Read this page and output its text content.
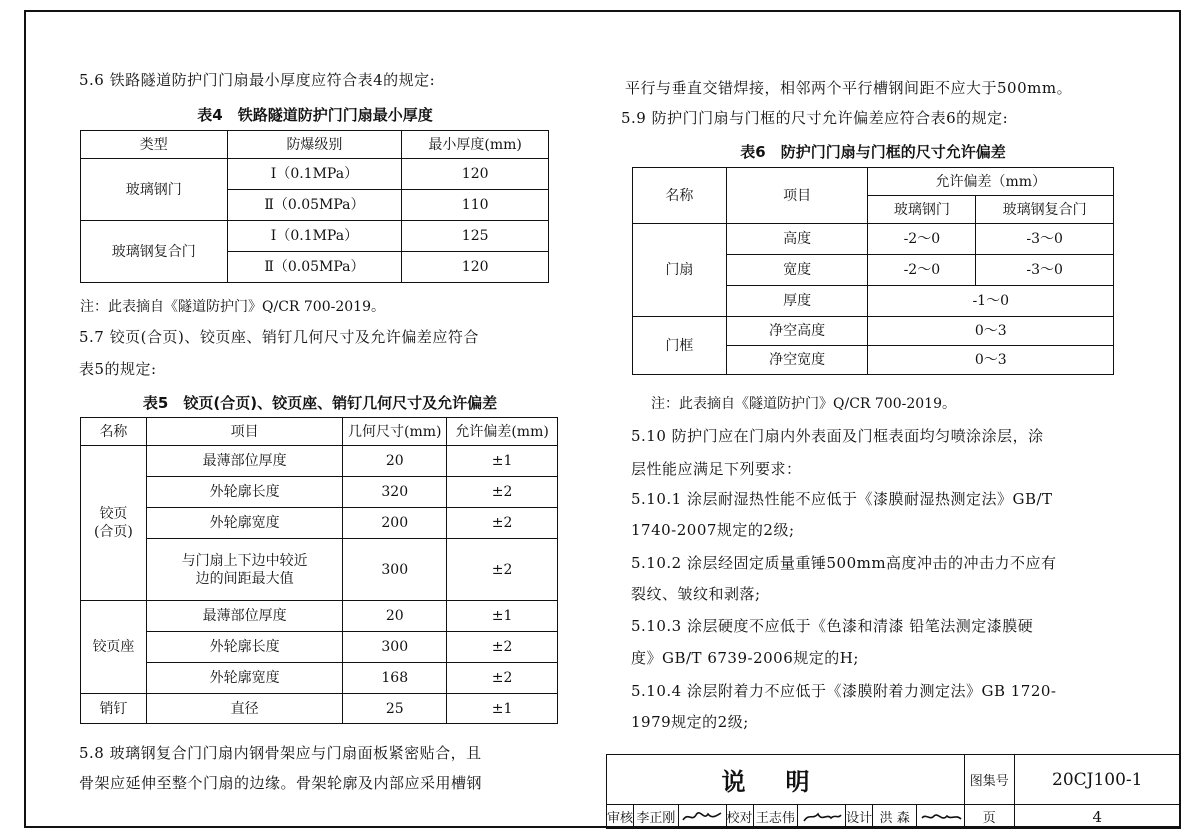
5.6 铁路隧道防护门门扇最小厚度应符合表4的规定:
表4　铁路隧道防护门门扇最小厚度
类型	防爆级别	最小厚度(mm)
玻璃钢门	Ⅰ（0.1MPa）	120
	Ⅱ（0.05MPa）	110
玻璃钢复合门	Ⅰ（0.1MPa）	125
	Ⅱ（0.05MPa）	120
注：此表摘自《隧道防护门》Q/CR 700-2019。
5.7 铰页(合页)、铰页座、销钉几何尺寸及允许偏差应符合
表5的规定:
表5　铰页(合页)、铰页座、销钉几何尺寸及允许偏差
名称	项目	几何尺寸(mm)	允许偏差(mm)

铰页
(合页)	最薄部位厚度	20	±1
	外轮廓长度	320	±2
	外轮廓宽度	200	±2

	与门扇上下边中较近
边的间距最大值	300	±2
铰页座	最薄部位厚度	20	±1
	外轮廓长度	300	±2
	外轮廓宽度	168	±2
销钉	直径	25	±1
5.8 玻璃钢复合门门扇内钢骨架应与门扇面板紧密贴合，且
骨架应延伸至整个门扇的边缘。骨架轮廓及内部应采用槽钢
平行与垂直交错焊接，相邻两个平行槽钢间距不应大于500mm。
5.9 防护门门扇与门框的尺寸允许偏差应符合表6的规定:
表6　防护门门扇与门框的尺寸允许偏差
名称	项目	允许偏差（mm）	
		玻璃钢门	玻璃钢复合门
门扇	高度	-2～0	-3～0
	宽度	-2～0	-3～0
	厚度	-1～0	
门框	净空高度	0～3	
	净空宽度	0～3	
注：此表摘自《隧道防护门》Q/CR 700-2019。
5.10 防护门应在门扇内外表面及门框表面均匀喷涂涂层，涂
层性能应满足下列要求：
5.10.1 涂层耐湿热性能不应低于《漆膜耐湿热测定法》GB/T
1740-2007规定的2级;
5.10.2 涂层经固定质量重锤500mm高度冲击的冲击力不应有
裂纹、皱纹和剥落;
5.10.3 涂层硬度不应低于《色漆和清漆 铅笔法测定漆膜硬
度》GB/T 6739-2006规定的H;
5.10.4 涂层附着力不应低于《漆膜附着力测定法》GB 1720-
1979规定的2级;
说明									图集号	20CJ100-1
审核	李正刚		校对	王志伟		设计	洪 森		页	4
